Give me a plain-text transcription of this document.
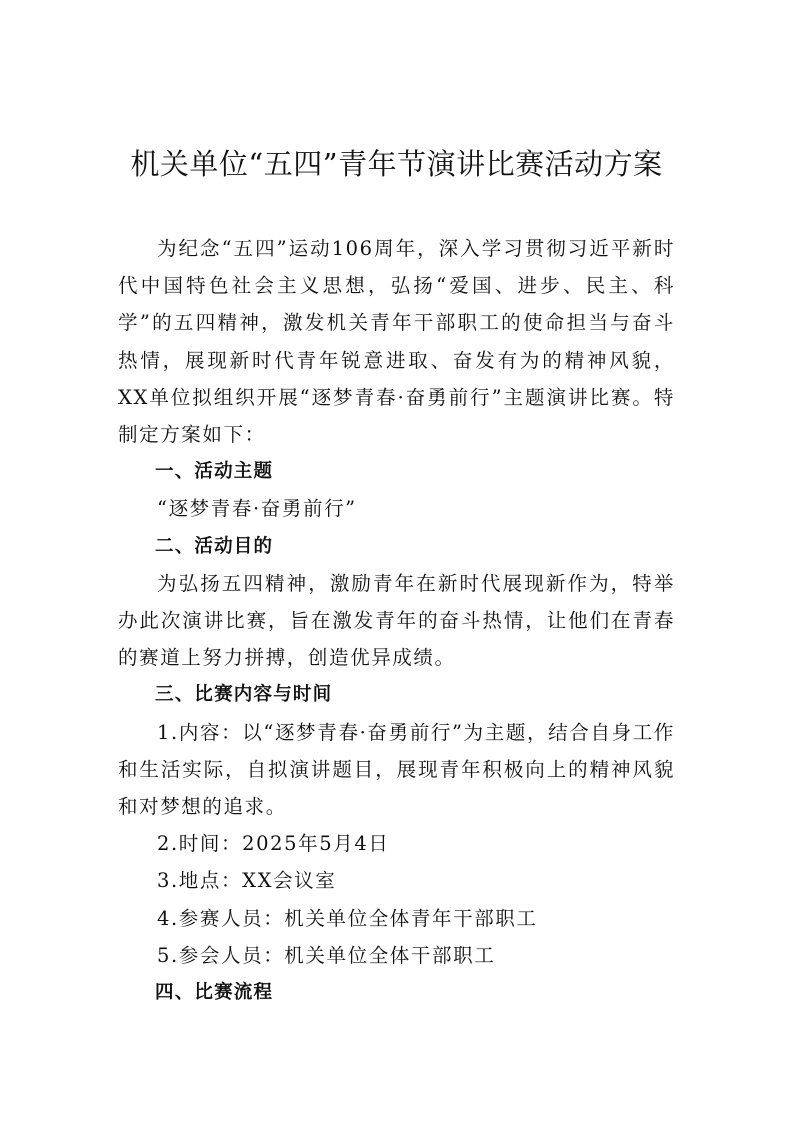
机关单位“五四”青年节演讲比赛活动方案

为纪念“五四”运动106周年，深入学习贯彻习近平新时代中国特色社会主义思想，弘扬“爱国、进步、民主、科学”的五四精神，激发机关青年干部职工的使命担当与奋斗热情，展现新时代青年锐意进取、奋发有为的精神风貌，XX单位拟组织开展“逐梦青春·奋勇前行”主题演讲比赛。特制定方案如下：

一、活动主题

“逐梦青春·奋勇前行”

二、活动目的

为弘扬五四精神，激励青年在新时代展现新作为，特举办此次演讲比赛，旨在激发青年的奋斗热情，让他们在青春的赛道上努力拼搏，创造优异成绩。

三、比赛内容与时间

1.内容：以“逐梦青春·奋勇前行”为主题，结合自身工作和生活实际，自拟演讲题目，展现青年积极向上的精神风貌和对梦想的追求。

2.时间：2025年5月4日

3.地点：XX会议室

4.参赛人员：机关单位全体青年干部职工

5.参会人员：机关单位全体干部职工

四、比赛流程
